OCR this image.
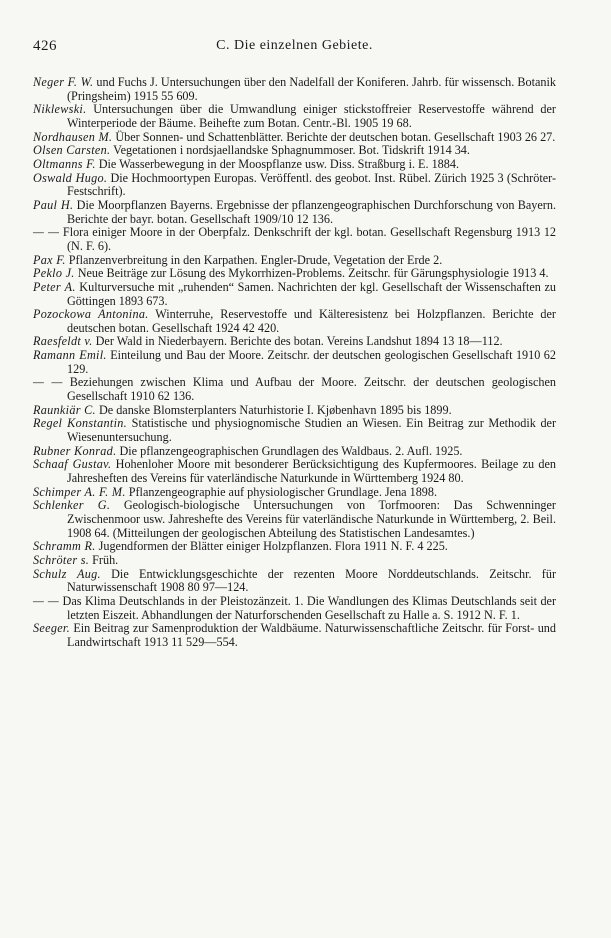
426	C. Die einzelnen Gebiete.
Neger F. W. und Fuchs J. Untersuchungen über den Nadelfall der Koniferen. Jahrb. für wissensch. Botanik (Pringsheim) 1915 55 609.
Niklewski. Untersuchungen über die Umwandlung einiger stickstoffreier Reservestoffe während der Winterperiode der Bäume. Beihefte zum Botan. Centr.-Bl. 1905 19 68.
Nordhausen M. Über Sonnen- und Schattenblätter. Berichte der deutschen botan. Gesellschaft 1903 26 27.
Olsen Carsten. Vegetationen i nordsjaellandske Sphagnummoser. Bot. Tidskrift 1914 34.
Oltmanns F. Die Wasserbewegung in der Moospflanze usw. Diss. Straßburg i. E. 1884.
Oswald Hugo. Die Hochmoortypen Europas. Veröffentl. des geobot. Inst. Rübel. Zürich 1925 3 (Schröter-Festschrift).
Paul H. Die Moorpflanzen Bayerns. Ergebnisse der pflanzengeographischen Durchforschung von Bayern. Berichte der bayr. botan. Gesellschaft 1909/10 12 136.
— — Flora einiger Moore in der Oberpfalz. Denkschrift der kgl. botan. Gesellschaft Regensburg 1913 12 (N. F. 6).
Pax F. Pflanzenverbreitung in den Karpathen. Engler-Drude, Vegetation der Erde 2.
Peklo J. Neue Beiträge zur Lösung des Mykorrhizen-Problems. Zeitschr. für Gärungsphysiologie 1913 4.
Peter A. Kulturversuche mit „ruhenden“ Samen. Nachrichten der kgl. Gesellschaft der Wissenschaften zu Göttingen 1893 673.
Pozockowa Antonina. Winterruhe, Reservestoffe und Kälteresistenz bei Holzpflanzen. Berichte der deutschen botan. Gesellschaft 1924 42 420.
Raesfeldt v. Der Wald in Niederbayern. Berichte des botan. Vereins Landshut 1894 13 18—112.
Ramann Emil. Einteilung und Bau der Moore. Zeitschr. der deutschen geologischen Gesellschaft 1910 62 129.
— — Beziehungen zwischen Klima und Aufbau der Moore. Zeitschr. der deutschen geologischen Gesellschaft 1910 62 136.
Raunkiär C. De danske Blomsterplanters Naturhistorie I. Kjøbenhavn 1895 bis 1899.
Regel Konstantin. Statistische und physiognomische Studien an Wiesen. Ein Beitrag zur Methodik der Wiesenuntersuchung.
Rubner Konrad. Die pflanzengeographischen Grundlagen des Waldbaus. 2. Aufl. 1925.
Schaaf Gustav. Hohenloher Moore mit besonderer Berücksichtigung des Kupfermoores. Beilage zu den Jahresheften des Vereins für vaterländische Naturkunde in Württemberg 1924 80.
Schimper A. F. M. Pflanzengeographie auf physiologischer Grundlage. Jena 1898.
Schlenker G. Geologisch-biologische Untersuchungen von Torfmooren: Das Schwenninger Zwischenmoor usw. Jahreshefte des Vereins für vaterländische Naturkunde in Württemberg, 2. Beil. 1908 64. (Mitteilungen der geologischen Abteilung des Statistischen Landesamtes.)
Schramm R. Jugendformen der Blätter einiger Holzpflanzen. Flora 1911 N. F. 4 225.
Schröter s. Früh.
Schulz Aug. Die Entwicklungsgeschichte der rezenten Moore Norddeutschlands. Zeitschr. für Naturwissenschaft 1908 80 97—124.
— — Das Klima Deutschlands in der Pleistozänzeit. 1. Die Wandlungen des Klimas Deutschlands seit der letzten Eiszeit. Abhandlungen der Naturforschenden Gesellschaft zu Halle a. S. 1912 N. F. 1.
Seeger. Ein Beitrag zur Samenproduktion der Waldbäume. Naturwissenschaftliche Zeitschr. für Forst- und Landwirtschaft 1913 11 529—554.
